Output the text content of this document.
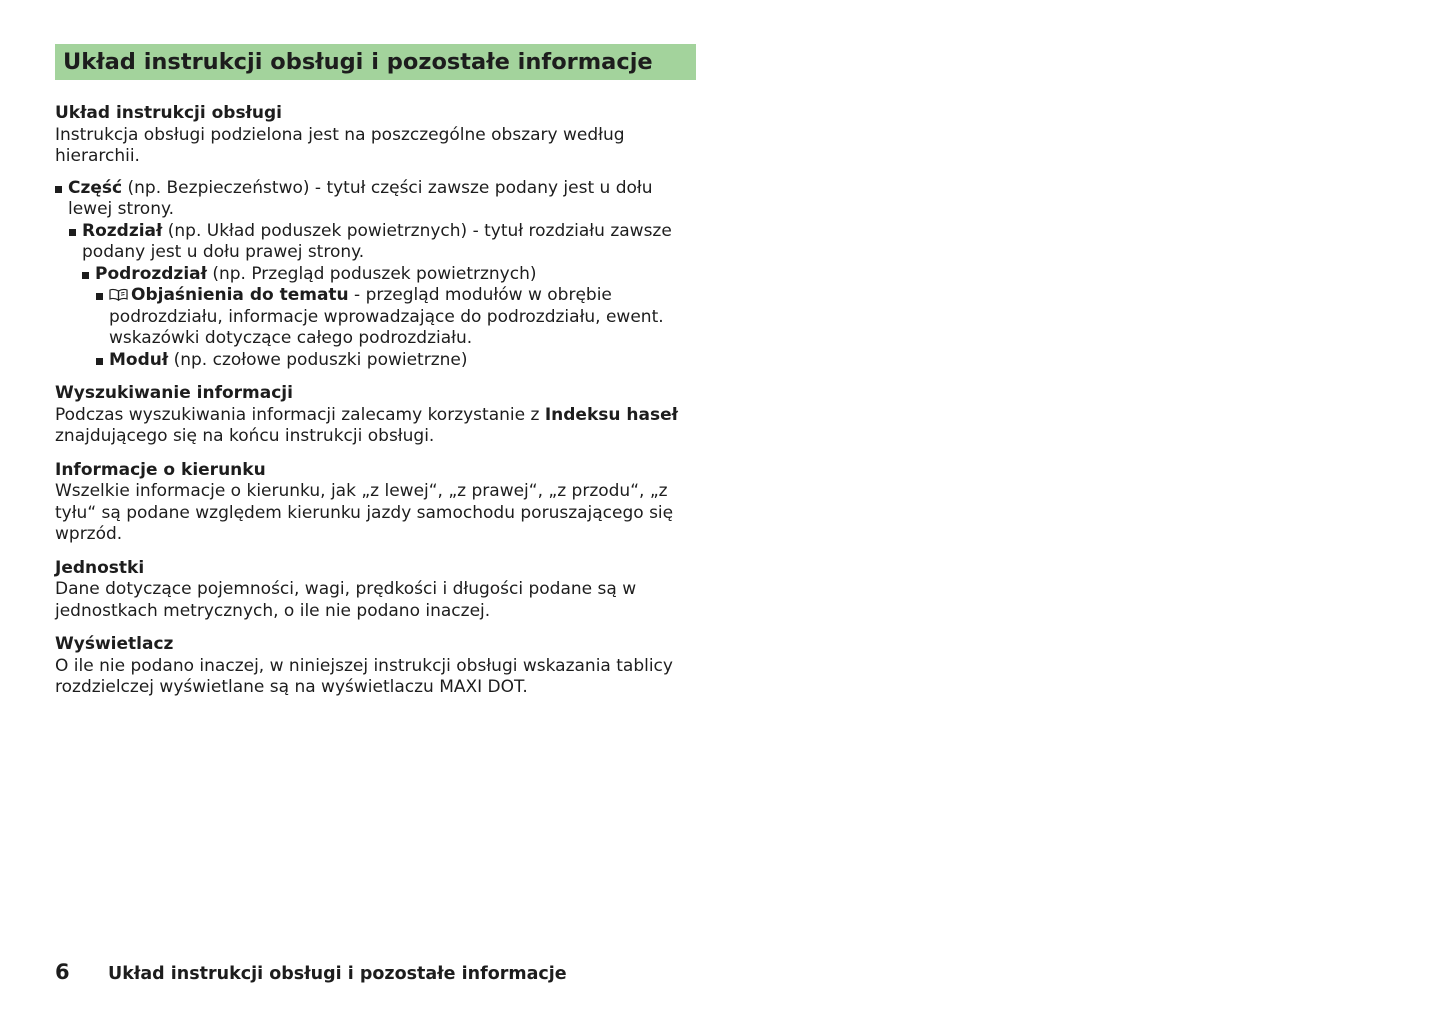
Układ instrukcji obsługi i pozostałe informacje
Układ instrukcji obsługi

Instrukcja obsługi podzielona jest na poszczególne obszary według hierarchii.

Część (np. Bezpieczeństwo) - tytuł części zawsze podany jest u dołu lewej strony.
Rozdział (np. Układ poduszek powietrznych) - tytuł rozdziału zawsze podany jest u dołu prawej strony.
Podrozdział (np. Przegląd poduszek powietrznych)
Objaśnienia do tematu - przegląd modułów w obrębie podrozdziału, informacje wprowadzające do podrozdziału, ewent. wskazówki dotyczące całego podrozdziału.
Moduł (np. czołowe poduszki powietrzne)
Wyszukiwanie informacji

Podczas wyszukiwania informacji zalecamy korzystanie z Indeksu haseł znajdującego się na końcu instrukcji obsługi.

Informacje o kierunku

Wszelkie informacje o kierunku, jak „z lewej“, „z prawej“, „z przodu“, „z tyłu“ są podane względem kierunku jazdy samochodu poruszającego się wprzód.

Jednostki

Dane dotyczące pojemności, wagi, prędkości i długości podane są w jednostkach metrycznych, o ile nie podano inaczej.

Wyświetlacz

O ile nie podano inaczej, w niniejszej instrukcji obsługi wskazania tablicy rozdzielczej wyświetlane są na wyświetlaczu MAXI DOT.

6 Układ instrukcji obsługi i pozostałe informacje
